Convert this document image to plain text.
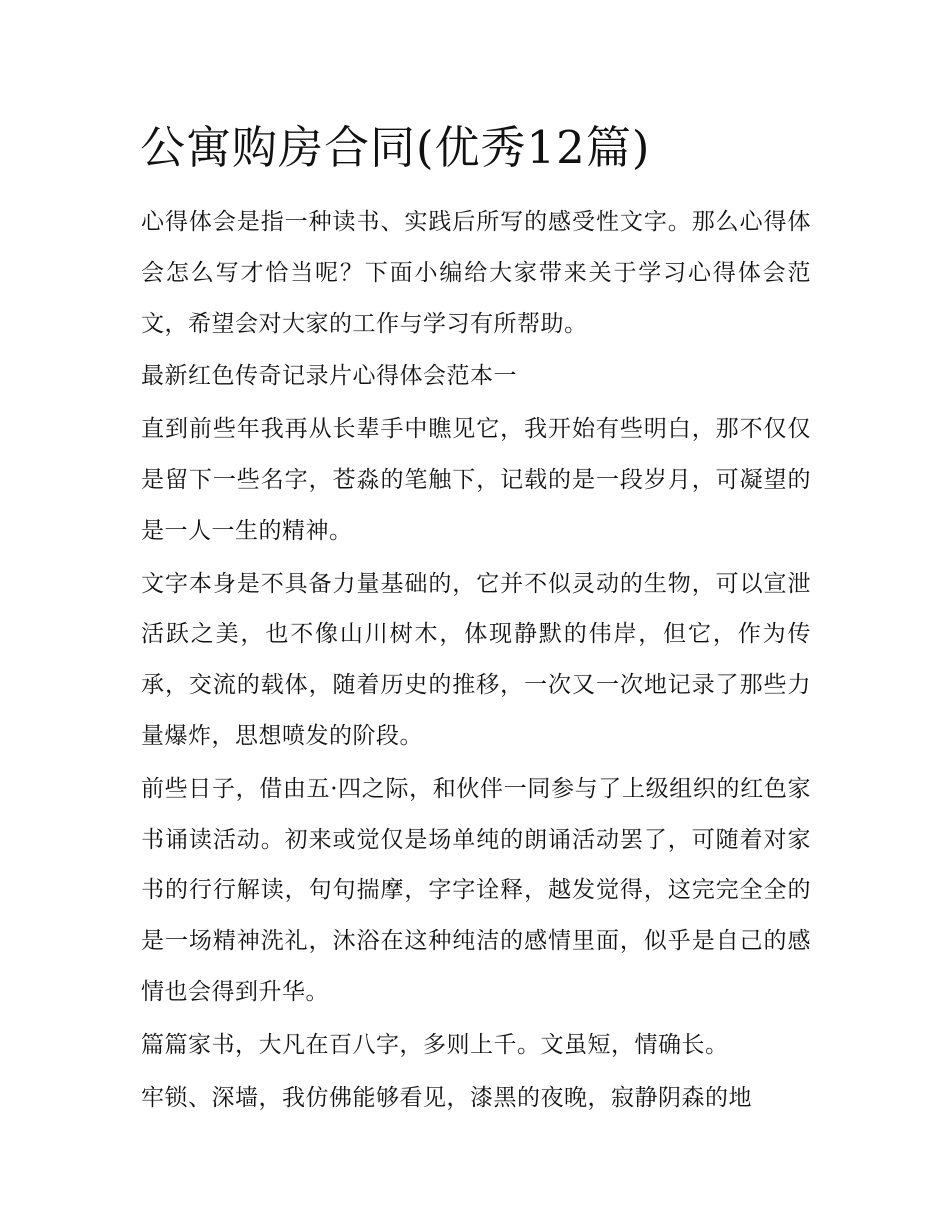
公寓购房合同(优秀12篇)

心得体会是指一种读书、实践后所写的感受性文字。那么心得体会怎么写才恰当呢？下面小编给大家带来关于学习心得体会范文，希望会对大家的工作与学习有所帮助。

最新红色传奇记录片心得体会范本一

直到前些年我再从长辈手中瞧见它，我开始有些明白，那不仅仅是留下一些名字，苍淼的笔触下，记载的是一段岁月，可凝望的是一人一生的精神。

文字本身是不具备力量基础的，它并不似灵动的生物，可以宣泄活跃之美，也不像山川树木，体现静默的伟岸，但它，作为传承，交流的载体，随着历史的推移，一次又一次地记录了那些力量爆炸，思想喷发的阶段。

前些日子，借由五·四之际，和伙伴一同参与了上级组织的红色家书诵读活动。初来或觉仅是场单纯的朗诵活动罢了，可随着对家书的行行解读，句句揣摩，字字诠释，越发觉得，这完完全全的是一场精神洗礼，沐浴在这种纯洁的感情里面，似乎是自己的感情也会得到升华。

篇篇家书，大凡在百八字，多则上千。文虽短，情确长。

牢锁、深墙，我仿佛能够看见，漆黑的夜晚，寂静阴森的地
